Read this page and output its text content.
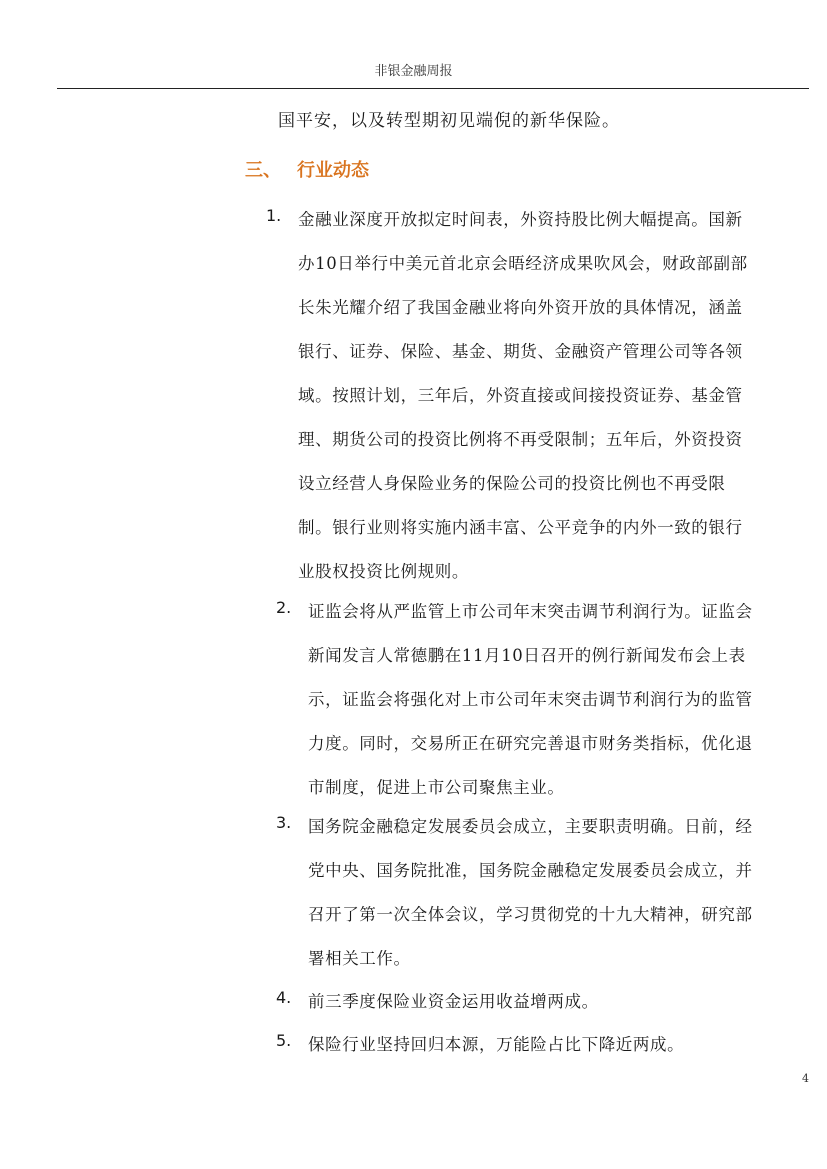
非银金融周报
国平安，以及转型期初见端倪的新华保险。
三、 行业动态
1. 金融业深度开放拟定时间表，外资持股比例大幅提高。国新
办10日举行中美元首北京会晤经济成果吹风会，财政部副部
长朱光耀介绍了我国金融业将向外资开放的具体情况，涵盖
银行、证券、保险、基金、期货、金融资产管理公司等各领
域。按照计划，三年后，外资直接或间接投资证券、基金管
理、期货公司的投资比例将不再受限制；五年后，外资投资
设立经营人身保险业务的保险公司的投资比例也不再受限
制。银行业则将实施内涵丰富、公平竞争的内外一致的银行
业股权投资比例规则。
2. 证监会将从严监管上市公司年末突击调节利润行为。证监会
新闻发言人常德鹏在11月10日召开的例行新闻发布会上表
示，证监会将强化对上市公司年末突击调节利润行为的监管
力度。同时，交易所正在研究完善退市财务类指标，优化退
市制度，促进上市公司聚焦主业。
3. 国务院金融稳定发展委员会成立，主要职责明确。日前，经
党中央、国务院批准，国务院金融稳定发展委员会成立，并
召开了第一次全体会议，学习贯彻党的十九大精神，研究部
署相关工作。
4. 前三季度保险业资金运用收益增两成。
5. 保险行业坚持回归本源，万能险占比下降近两成。
4
